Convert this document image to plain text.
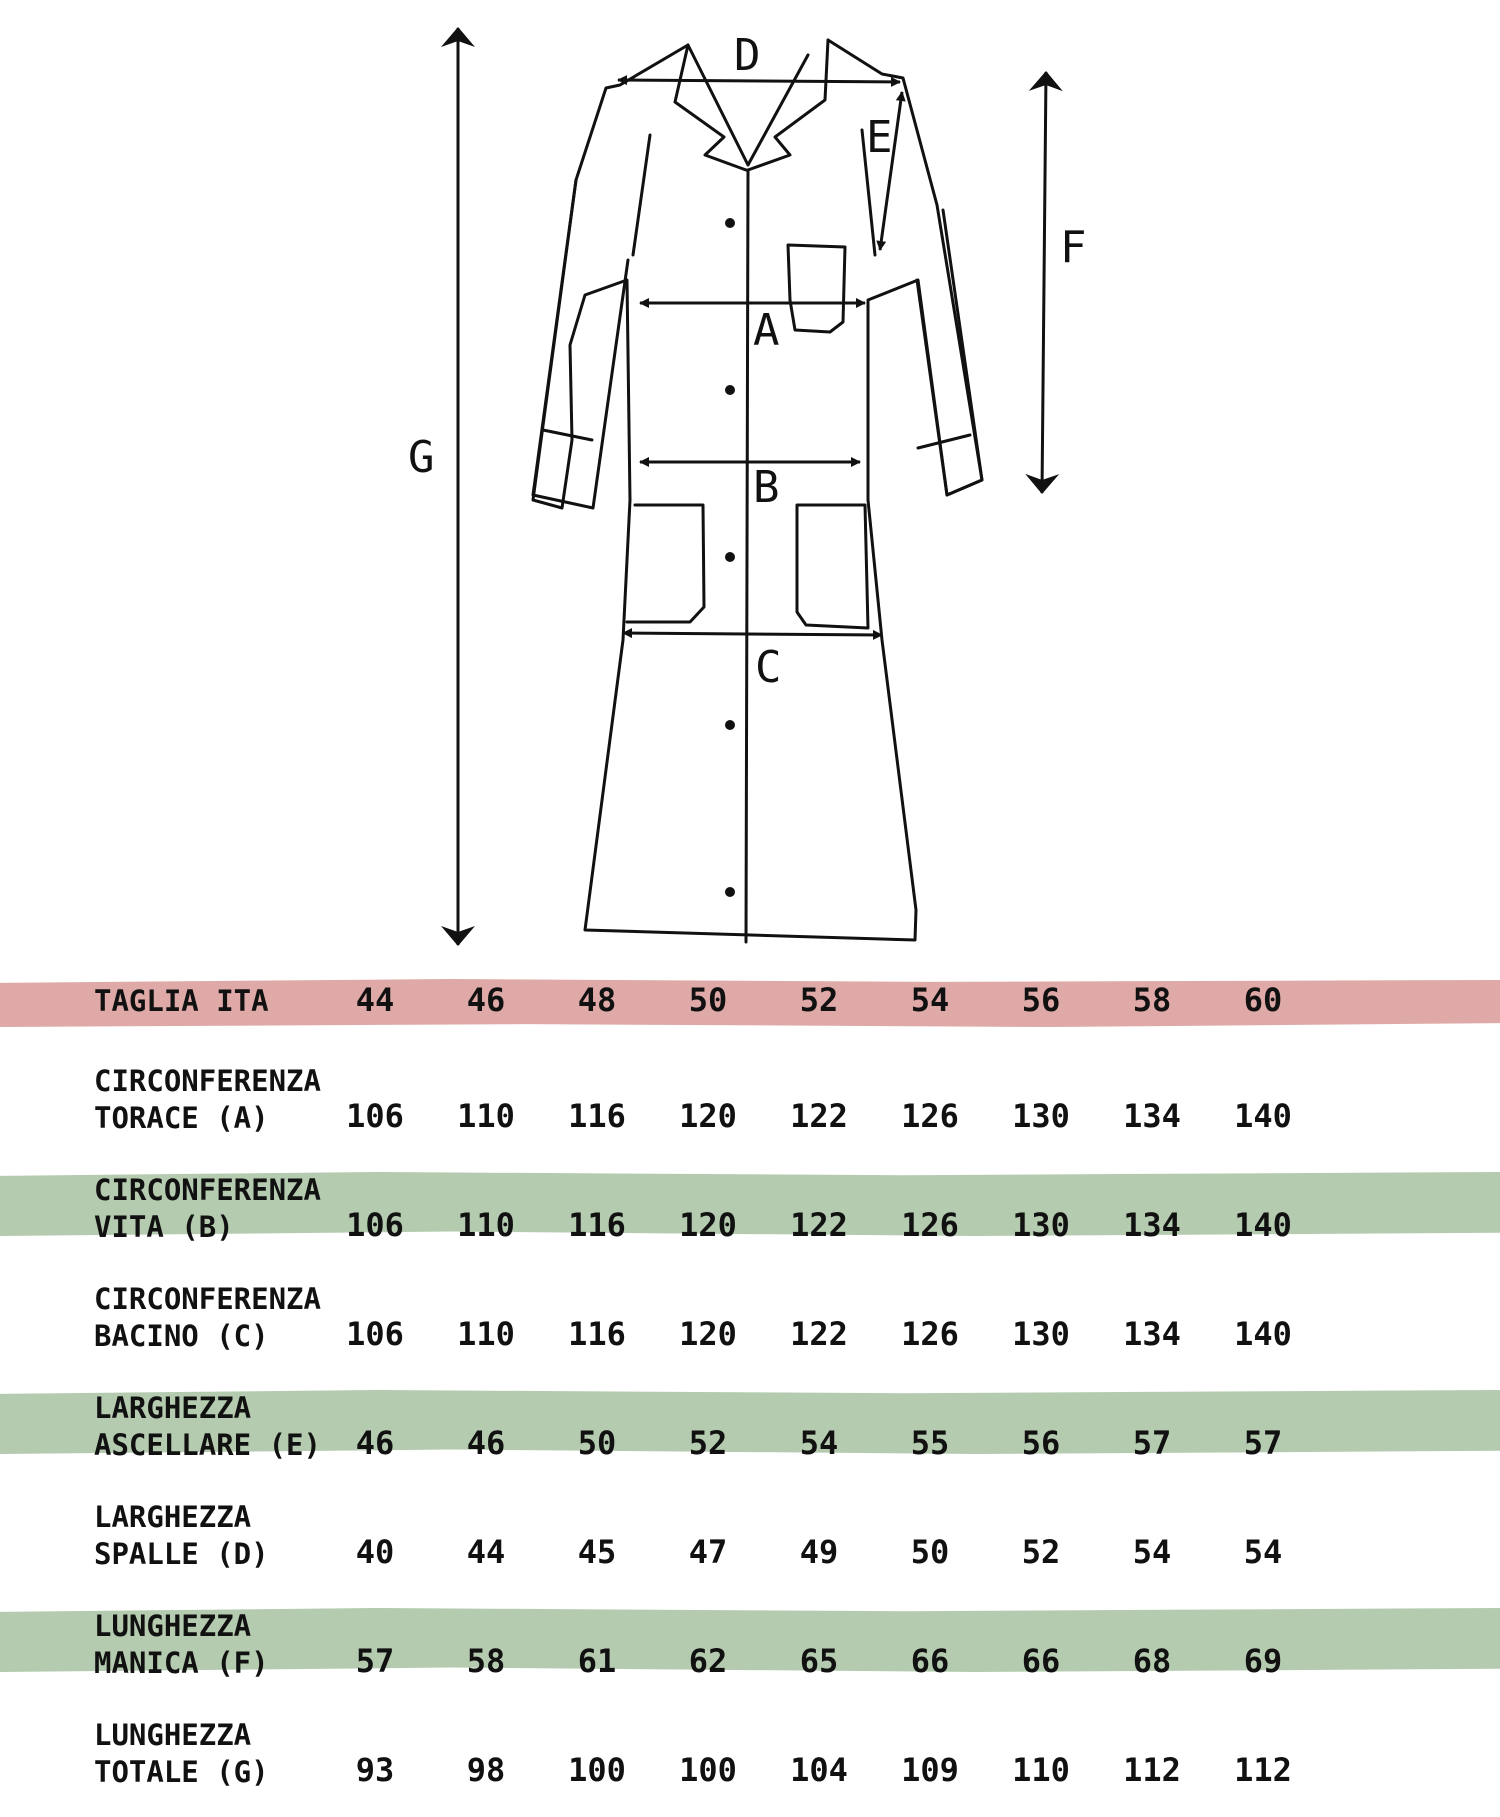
D
E
F
A
G
B
C
TAGLIA ITA	44	46	48	50	52	54	56	58	60
CIRCONFERENZA
TORACE (A)	106	110	116	120	122	126	130	134	140
CIRCONFERENZA
VITA (B)	106	110	116	120	122	126	130	134	140
CIRCONFERENZA
BACINO (C)	106	110	116	120	122	126	130	134	140
LARGHEZZA
ASCELLARE (E)	46	46	50	52	54	55	56	57	57
LARGHEZZA
SPALLE (D)	40	44	45	47	49	50	52	54	54
LUNGHEZZA
MANICA (F)	57	58	61	62	65	66	66	68	69
LUNGHEZZA
TOTALE (G)	93	98	100	100	104	109	110	112	112
